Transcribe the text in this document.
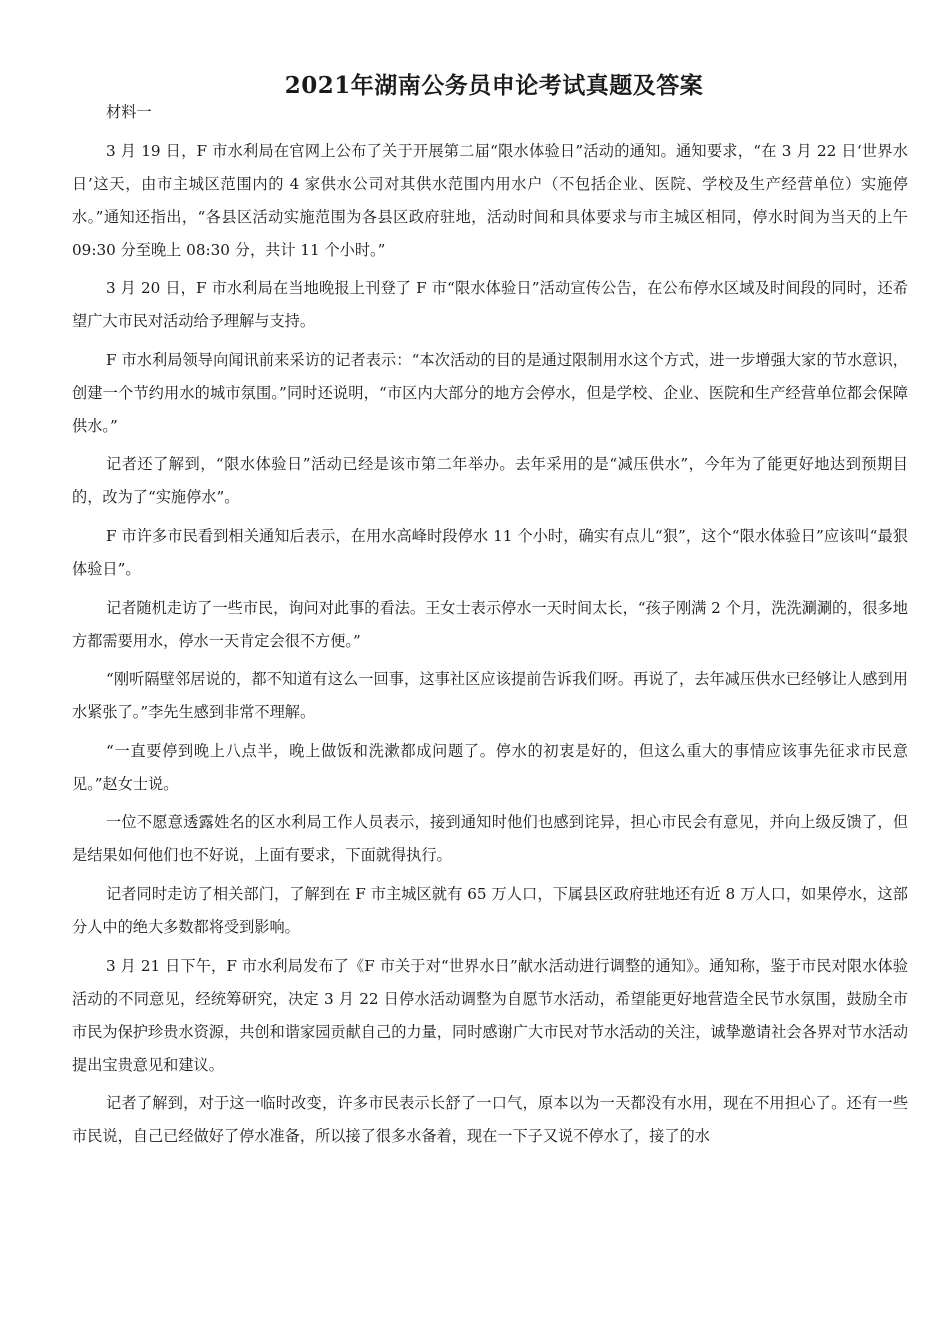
2021年湖南公务员申论考试真题及答案

材料一

3 月 19 日，F 市水利局在官网上公布了关于开展第二届“限水体验日”活动的通知。通知要求，“在 3 月 22 日‘世界水日’这天，由市主城区范围内的 4 家供水公司对其供水范围内用水户（不包括企业、医院、学校及生产经营单位）实施停水。”通知还指出，“各县区活动实施范围为各县区政府驻地，活动时间和具体要求与市主城区相同，停水时间为当天的上午 09:30 分至晚上 08:30 分，共计 11 个小时。”

3 月 20 日，F 市水利局在当地晚报上刊登了 F 市“限水体验日”活动宣传公告，在公布停水区域及时间段的同时，还希望广大市民对活动给予理解与支持。

F 市水利局领导向闻讯前来采访的记者表示：“本次活动的目的是通过限制用水这个方式，进一步增强大家的节水意识，创建一个节约用水的城市氛围。”同时还说明，“市区内大部分的地方会停水，但是学校、企业、医院和生产经营单位都会保障供水。”

记者还了解到，“限水体验日”活动已经是该市第二年举办。去年采用的是“减压供水”，今年为了能更好地达到预期目的，改为了“实施停水”。

F 市许多市民看到相关通知后表示，在用水高峰时段停水 11 个小时，确实有点儿“狠”，这个“限水体验日”应该叫“最狠体验日”。

记者随机走访了一些市民，询问对此事的看法。王女士表示停水一天时间太长，“孩子刚满 2 个月，洗洗涮涮的，很多地方都需要用水，停水一天肯定会很不方便。”

“刚听隔壁邻居说的，都不知道有这么一回事，这事社区应该提前告诉我们呀。再说了，去年减压供水已经够让人感到用水紧张了。”李先生感到非常不理解。

“一直要停到晚上八点半，晚上做饭和洗漱都成问题了。停水的初衷是好的，但这么重大的事情应该事先征求市民意见。”赵女士说。

一位不愿意透露姓名的区水利局工作人员表示，接到通知时他们也感到诧异，担心市民会有意见，并向上级反馈了，但是结果如何他们也不好说，上面有要求，下面就得执行。

记者同时走访了相关部门，了解到在 F 市主城区就有 65 万人口，下属县区政府驻地还有近 8 万人口，如果停水，这部分人中的绝大多数都将受到影响。

3 月 21 日下午，F 市水利局发布了《F 市关于对“世界水日”献水活动进行调整的通知》。通知称，鉴于市民对限水体验活动的不同意见，经统筹研究，决定 3 月 22 日停水活动调整为自愿节水活动，希望能更好地营造全民节水氛围，鼓励全市市民为保护珍贵水资源，共创和谐家园贡献自己的力量，同时感谢广大市民对节水活动的关注，诚挚邀请社会各界对节水活动提出宝贵意见和建议。

记者了解到，对于这一临时改变，许多市民表示长舒了一口气，原本以为一天都没有水用，现在不用担心了。还有一些市民说，自己已经做好了停水准备，所以接了很多水备着，现在一下子又说不停水了，接了的水
